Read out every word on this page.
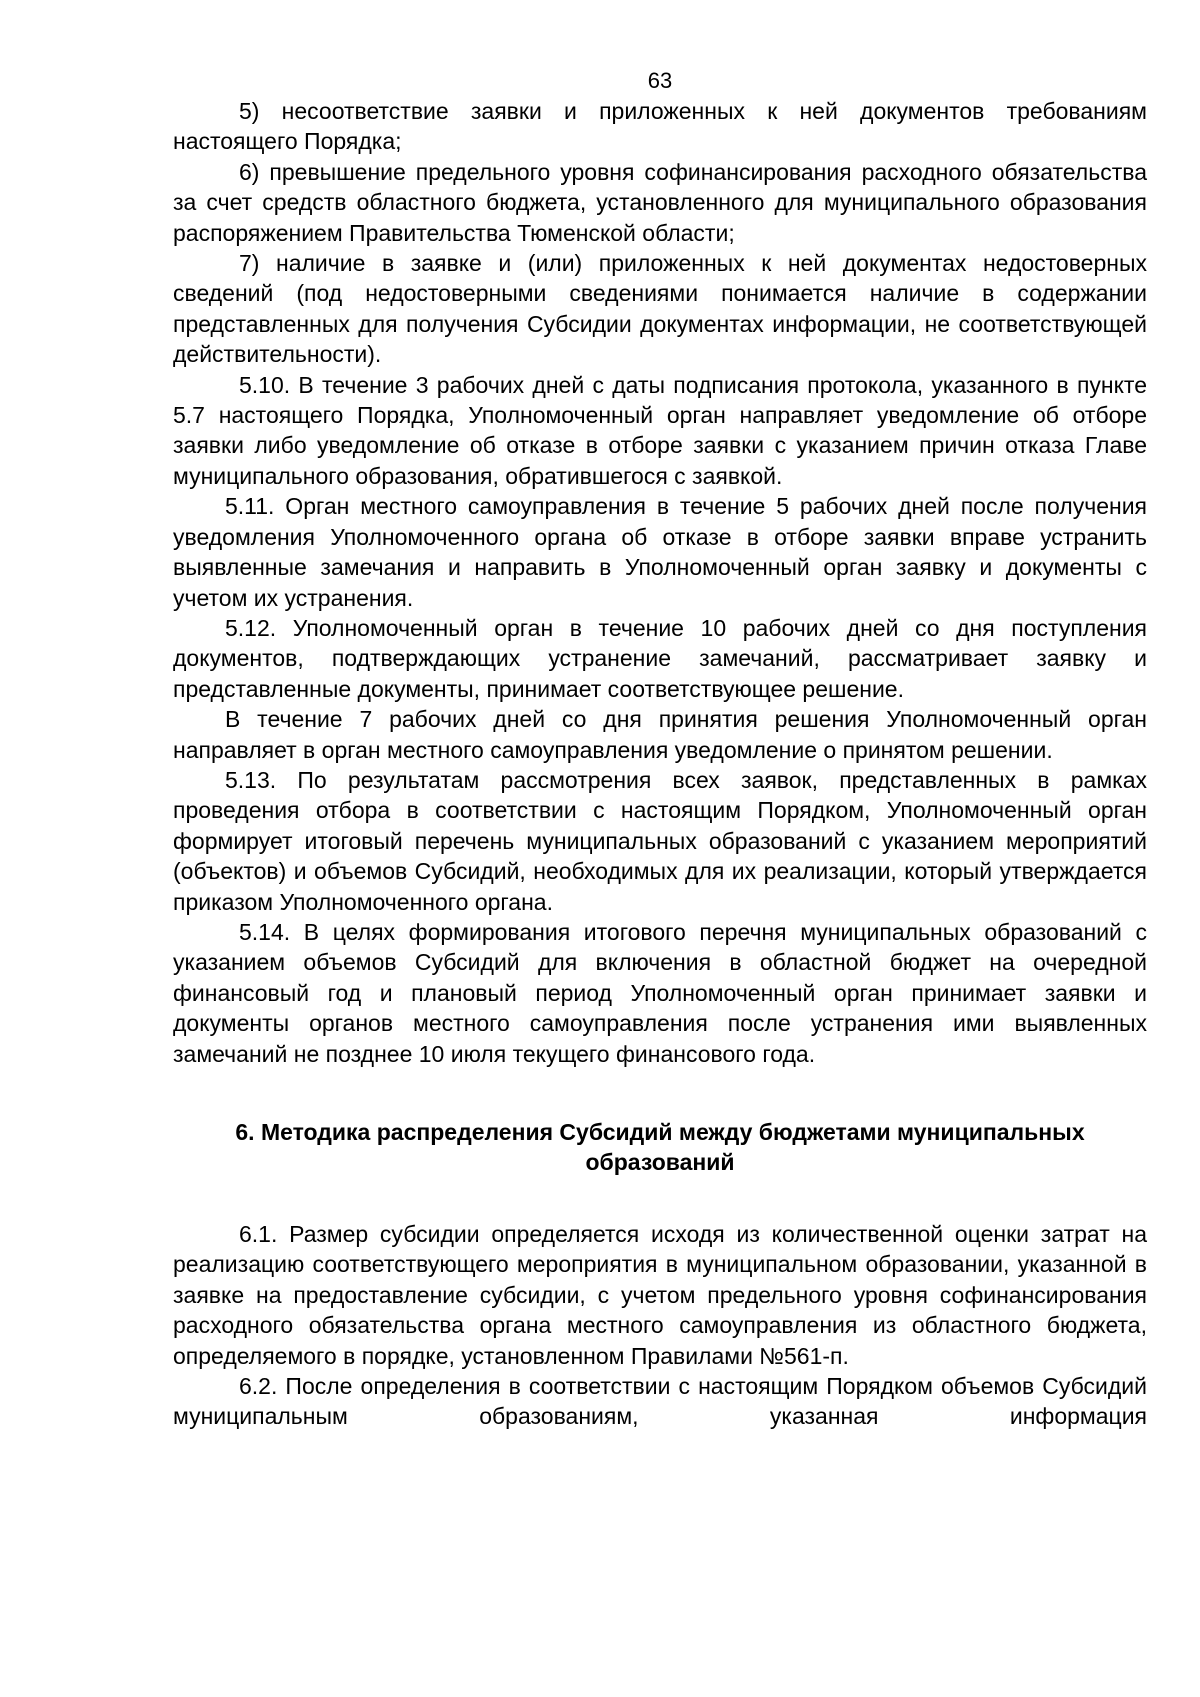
63

5) несоответствие заявки и приложенных к ней документов требованиям настоящего Порядка;

6) превышение предельного уровня софинансирования расходного обязательства за счет средств областного бюджета, установленного для муниципального образования распоряжением Правительства Тюменской области;

7) наличие в заявке и (или) приложенных к ней документах недостоверных сведений (под недостоверными сведениями понимается наличие в содержании представленных для получения Субсидии документах информации, не соответствующей действительности).

5.10. В течение 3 рабочих дней с даты подписания протокола, указанного в пункте 5.7 настоящего Порядка, Уполномоченный орган направляет уведомление об отборе заявки либо уведомление об отказе в отборе заявки с указанием причин отказа Главе муниципального образования, обратившегося с заявкой.

5.11. Орган местного самоуправления в течение 5 рабочих дней после получения уведомления Уполномоченного органа об отказе в отборе заявки вправе устранить выявленные замечания и направить в Уполномоченный орган заявку и документы с учетом их устранения.

5.12. Уполномоченный орган в течение 10 рабочих дней со дня поступления документов, подтверждающих устранение замечаний, рассматривает заявку и представленные документы, принимает соответствующее решение.

В течение 7 рабочих дней со дня принятия решения Уполномоченный орган направляет в орган местного самоуправления уведомление о принятом решении.

5.13. По результатам рассмотрения всех заявок, представленных в рамках проведения отбора в соответствии с настоящим Порядком, Уполномоченный орган формирует итоговый перечень муниципальных образований с указанием мероприятий (объектов) и объемов Субсидий, необходимых для их реализации, который утверждается приказом Уполномоченного органа.

5.14. В целях формирования итогового перечня муниципальных образований с указанием объемов Субсидий для включения в областной бюджет на очередной финансовый год и плановый период Уполномоченный орган принимает заявки и документы органов местного самоуправления после устранения ими выявленных замечаний не позднее 10 июля текущего финансового года.

6. Методика распределения Субсидий между бюджетами муниципальных образований

6.1. Размер субсидии определяется исходя из количественной оценки затрат на реализацию соответствующего мероприятия в муниципальном образовании, указанной в заявке на предоставление субсидии, с учетом предельного уровня софинансирования расходного обязательства органа местного самоуправления из областного бюджета, определяемого в порядке, установленном Правилами №561-п.

6.2. После определения в соответствии с настоящим Порядком объемов Субсидий муниципальным образованиям, указанная информация
